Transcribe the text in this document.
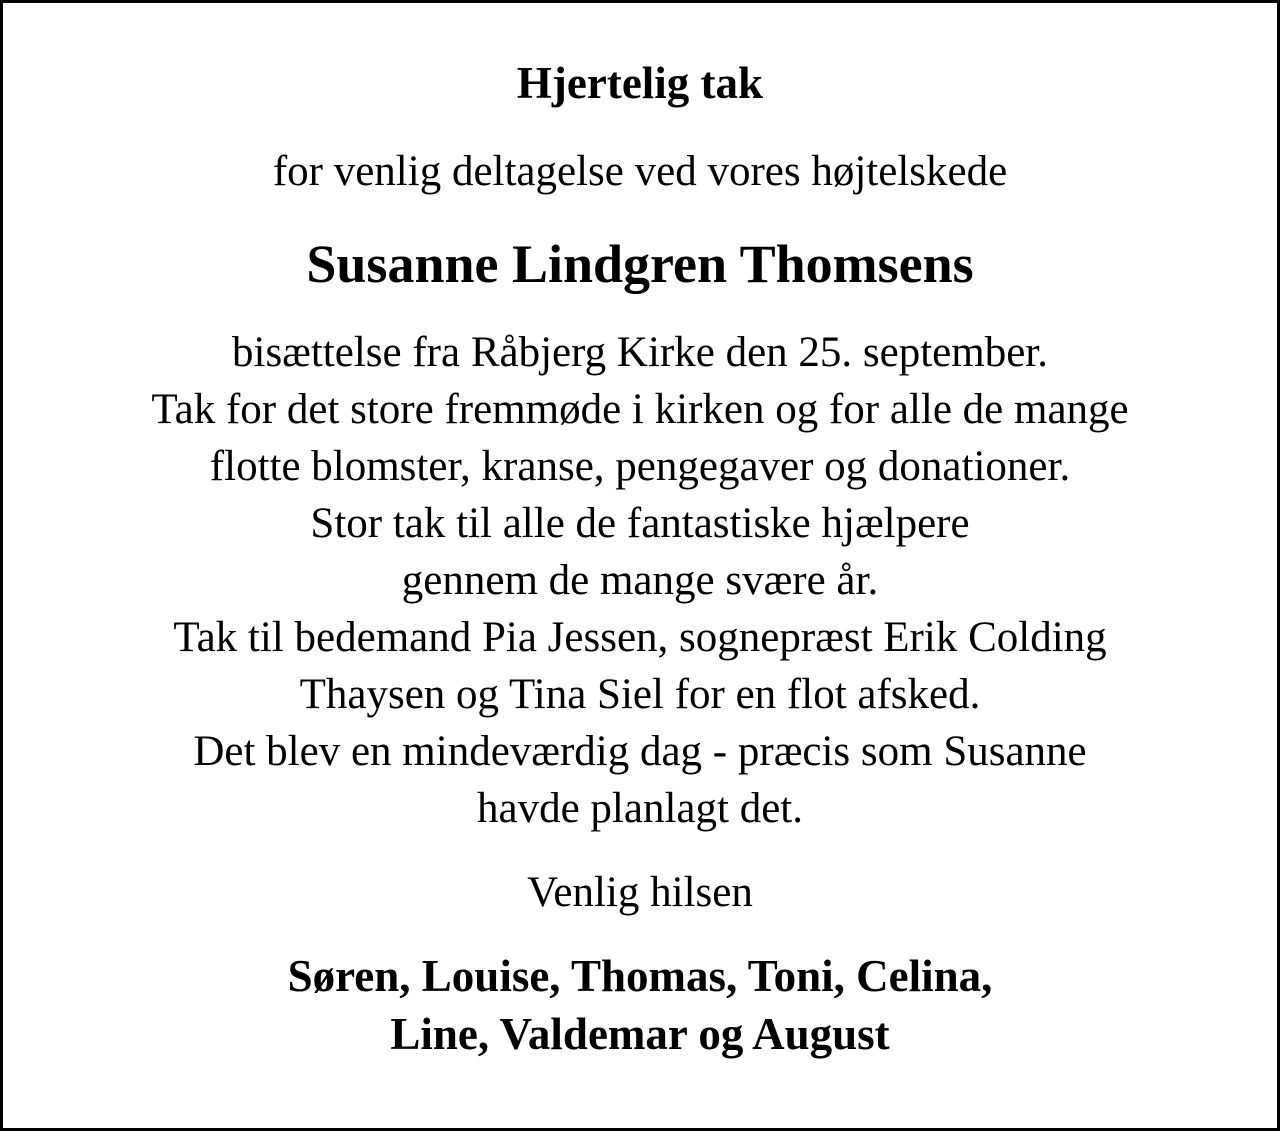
Hjertelig tak

for venlig deltagelse ved vores højtelskede

Susanne Lindgren Thomsens

bisættelse fra Råbjerg Kirke den 25. september.

Tak for det store fremmøde i kirken og for alle de mange

flotte blomster, kranse, pengegaver og donationer.

Stor tak til alle de fantastiske hjælpere

gennem de mange svære år.

Tak til bedemand Pia Jessen, sognepræst Erik Colding

Thaysen og Tina Siel for en flot afsked.

Det blev en mindeværdig dag - præcis som Susanne

havde planlagt det.

Venlig hilsen

Søren, Louise, Thomas, Toni, Celina,

Line, Valdemar og August
